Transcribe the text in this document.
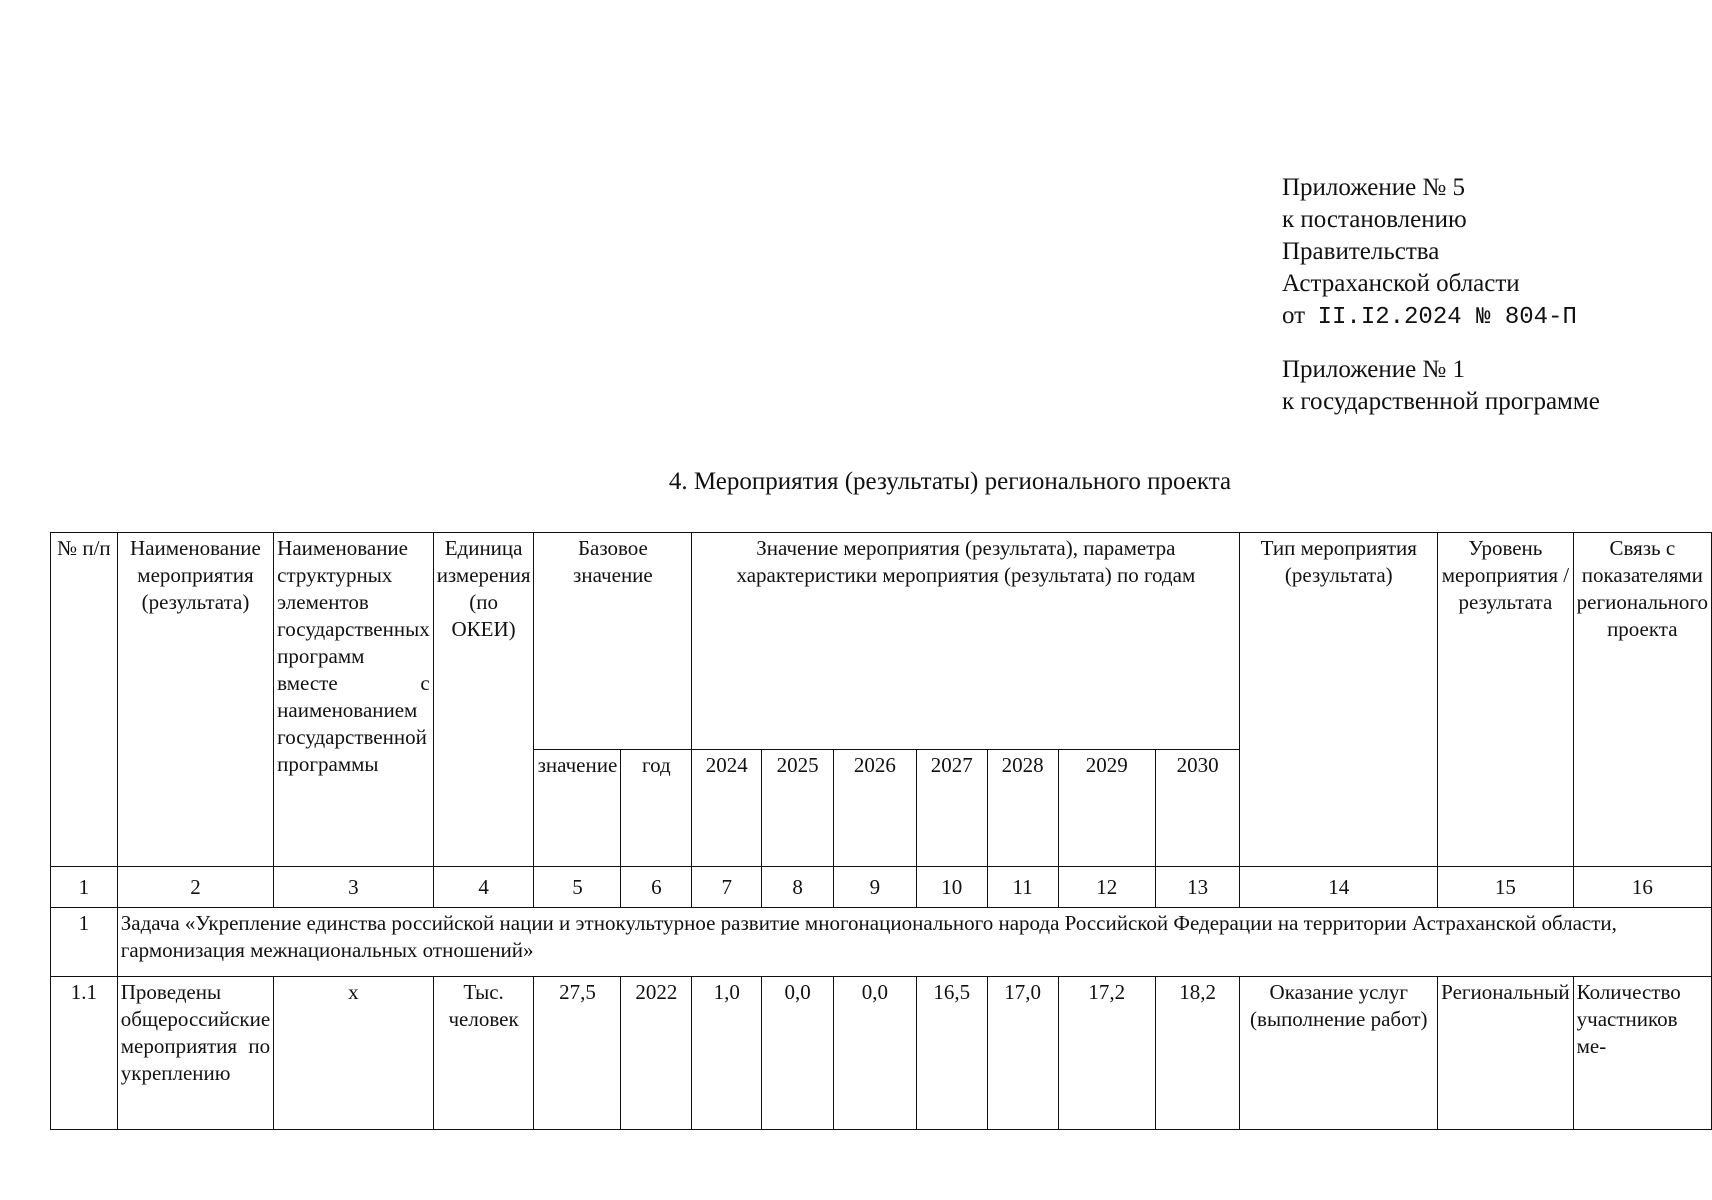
Приложение № 5
к постановлению
Правительства
Астраханской области
от II.I2.2024 № 804-П
Приложение № 1
к государственной программе
4. Мероприятия (результаты) регионального проекта
№ п/п	Наименование мероприятия (результата)	Наименование структурных элементов государственных программ вместе с наименованием государственной программы	Единица измерения (по ОКЕИ)	Базовое значение		Значение мероприятия (результата), параметра характеристики мероприятия (результата) по годам							Тип мероприятия (результата)	Уровень мероприятия / результата	Связь с показателями регионального проекта
				значение	год	2024	2025	2026	2027	2028	2029	2030			
1	2	3	4	5	6	7	8	9	10	11	12	13	14	15	16
1	Задача «Укрепление единства российской нации и этнокультурное развитие многонационального народа Российской Федерации на территории Астраханской области, гармонизация межнациональных отношений»														
1.1	Проведены общероссийские мероприятия по укреплению	х	Тыс. человек	27,5	2022	1,0	0,0	0,0	16,5	17,0	17,2	18,2	Оказание услуг (выполнение работ)	Региональный	Количество участников ме-
